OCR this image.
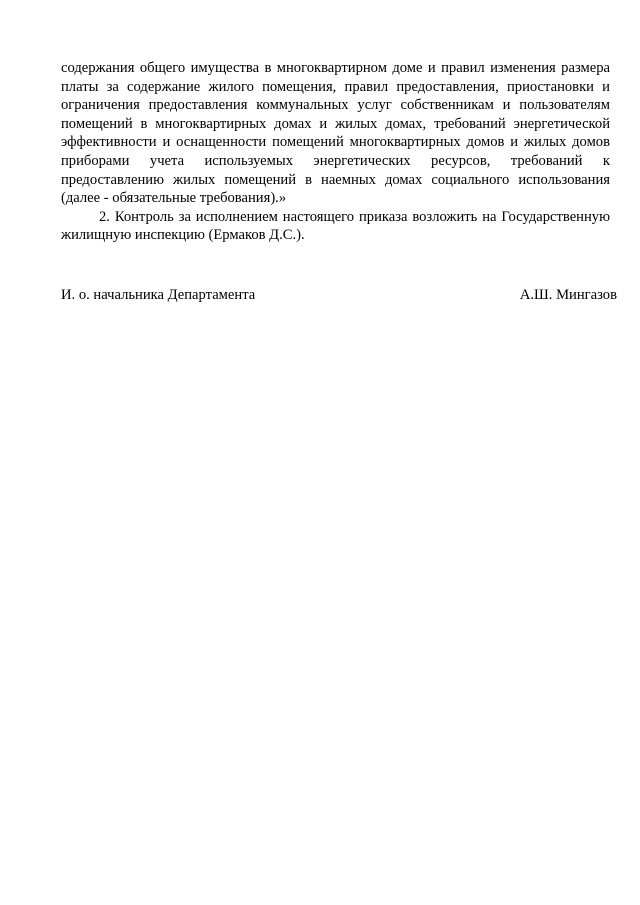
содержания общего имущества в многоквартирном доме и правил изменения размера платы за содержание жилого помещения, правил предоставления, приостановки и ограничения предоставления коммунальных услуг собственникам и пользователям помещений в многоквартирных домах и жилых домах, требований энергетической эффективности и оснащенности помещений многоквартирных домов и жилых домов приборами учета используемых энергетических ресурсов, требований к предоставлению жилых помещений в наемных домах социального использования (далее - обязательные требования).»

2. Контроль за исполнением настоящего приказа возложить на Государственную жилищную инспекцию (Ермаков Д.С.).

И. о. начальника Департамента	А.Ш. Мингазов
